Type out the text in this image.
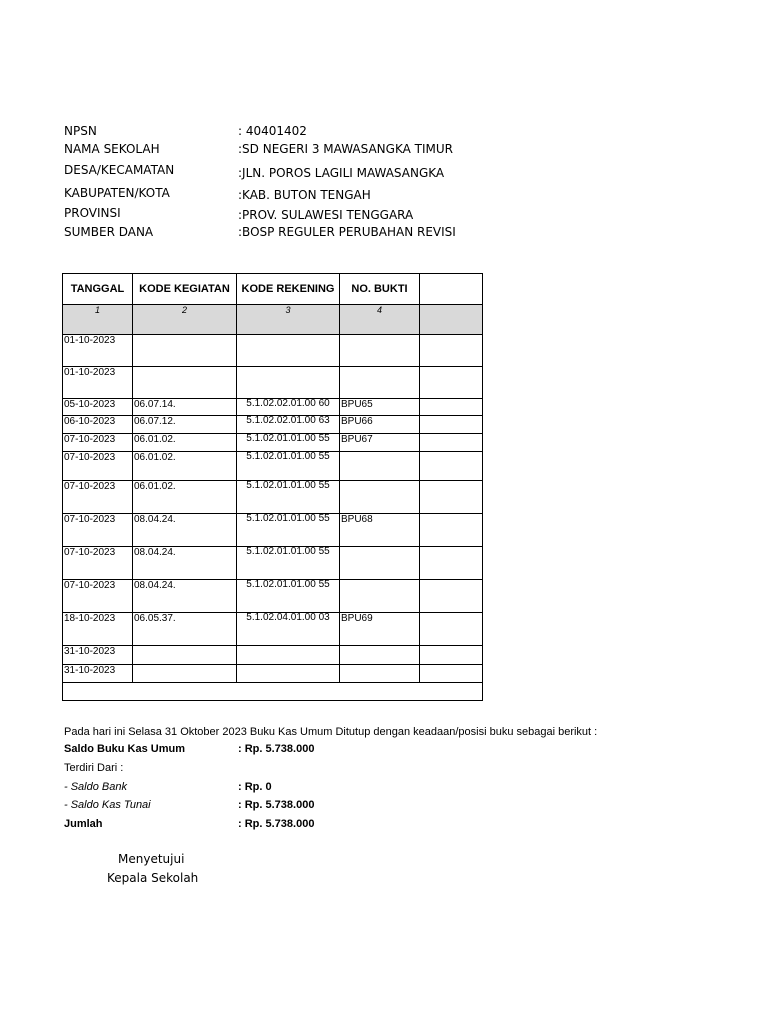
NPSN	: 40401402
NAMA SEKOLAH	:SD NEGERI 3 MAWASANGKA TIMUR
DESA/KECAMATAN	:JLN. POROS LAGILI MAWASANGKA
KABUPATEN/KOTA	:KAB. BUTON TENGAH
PROVINSI	:PROV. SULAWESI TENGGARA
SUMBER DANA	:BOSP REGULER PERUBAHAN REVISI
TANGGAL	KODE KEGIATAN	KODE REKENING	NO. BUKTI	
1	2	3	4	
01-10-2023				
01-10-2023				
05-10-2023	06.07.14.	5.1.02.02.01.00 60	BPU65	
06-10-2023	06.07.12.	5.1.02.02.01.00 63	BPU66	
07-10-2023	06.01.02.	5.1.02.01.01.00 55	BPU67	
07-10-2023	06.01.02.	5.1.02.01.01.00 55		
07-10-2023	06.01.02.	5.1.02.01.01.00 55		
07-10-2023	08.04.24.	5.1.02.01.01.00 55	BPU68	
07-10-2023	08.04.24.	5.1.02.01.01.00 55		
07-10-2023	08.04.24.	5.1.02.01.01.00 55		
18-10-2023	06.05.37.	5.1.02.04.01.00 03	BPU69	
31-10-2023				
31-10-2023				

Pada hari ini Selasa 31 Oktober 2023 Buku Kas Umum Ditutup dengan keadaan/posisi buku sebagai berikut :
Saldo Buku Kas Umum	: Rp. 5.738.000
Terdiri Dari :
- Saldo Bank	: Rp. 0
- Saldo Kas Tunai	: Rp. 5.738.000
Jumlah	: Rp. 5.738.000
Menyetujui
Kepala Sekolah
